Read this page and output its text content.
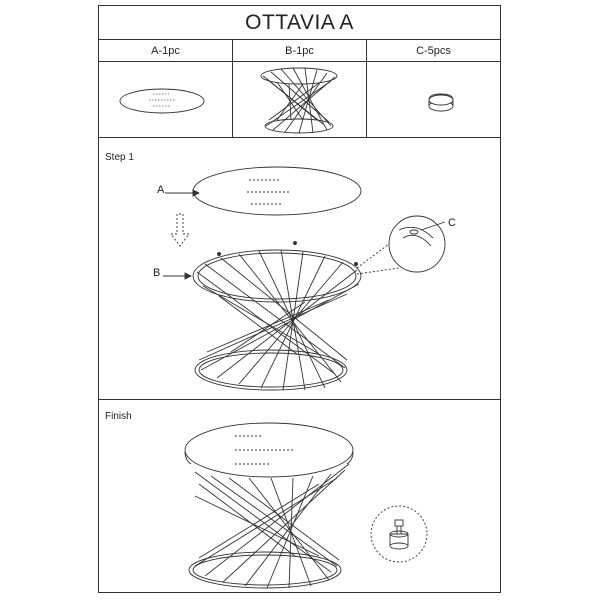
OTTAVIA A
A-1pc	B-1pc	C-5pcs
Step 1
A
B
C
Finish
